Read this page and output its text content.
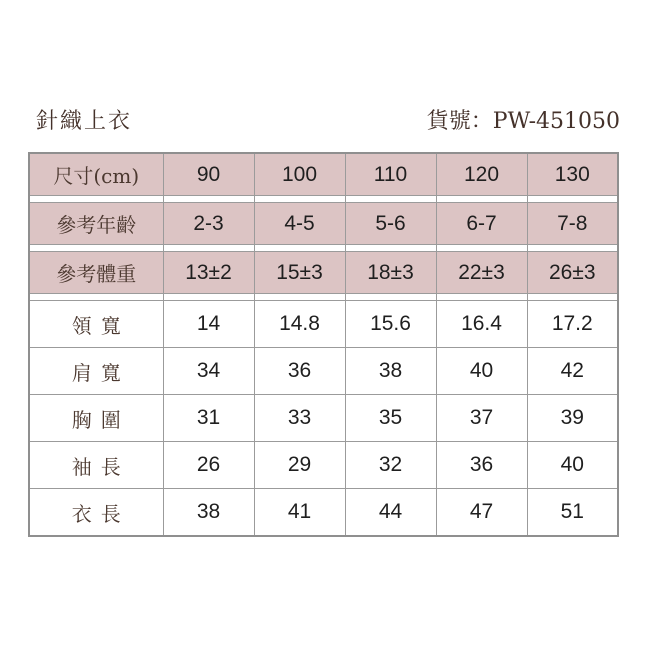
針織上衣	貨號：PW-451050
尺寸(cm)	90	100	110	120	130

參考年齡	2-3	4-5	5-6	6-7	7-8

參考體重	13±2	15±3	18±3	22±3	26±3

領寬	14	14.8	15.6	16.4	17.2
肩寬	34	36	38	40	42
胸圍	31	33	35	37	39
袖長	26	29	32	36	40
衣長	38	41	44	47	51
